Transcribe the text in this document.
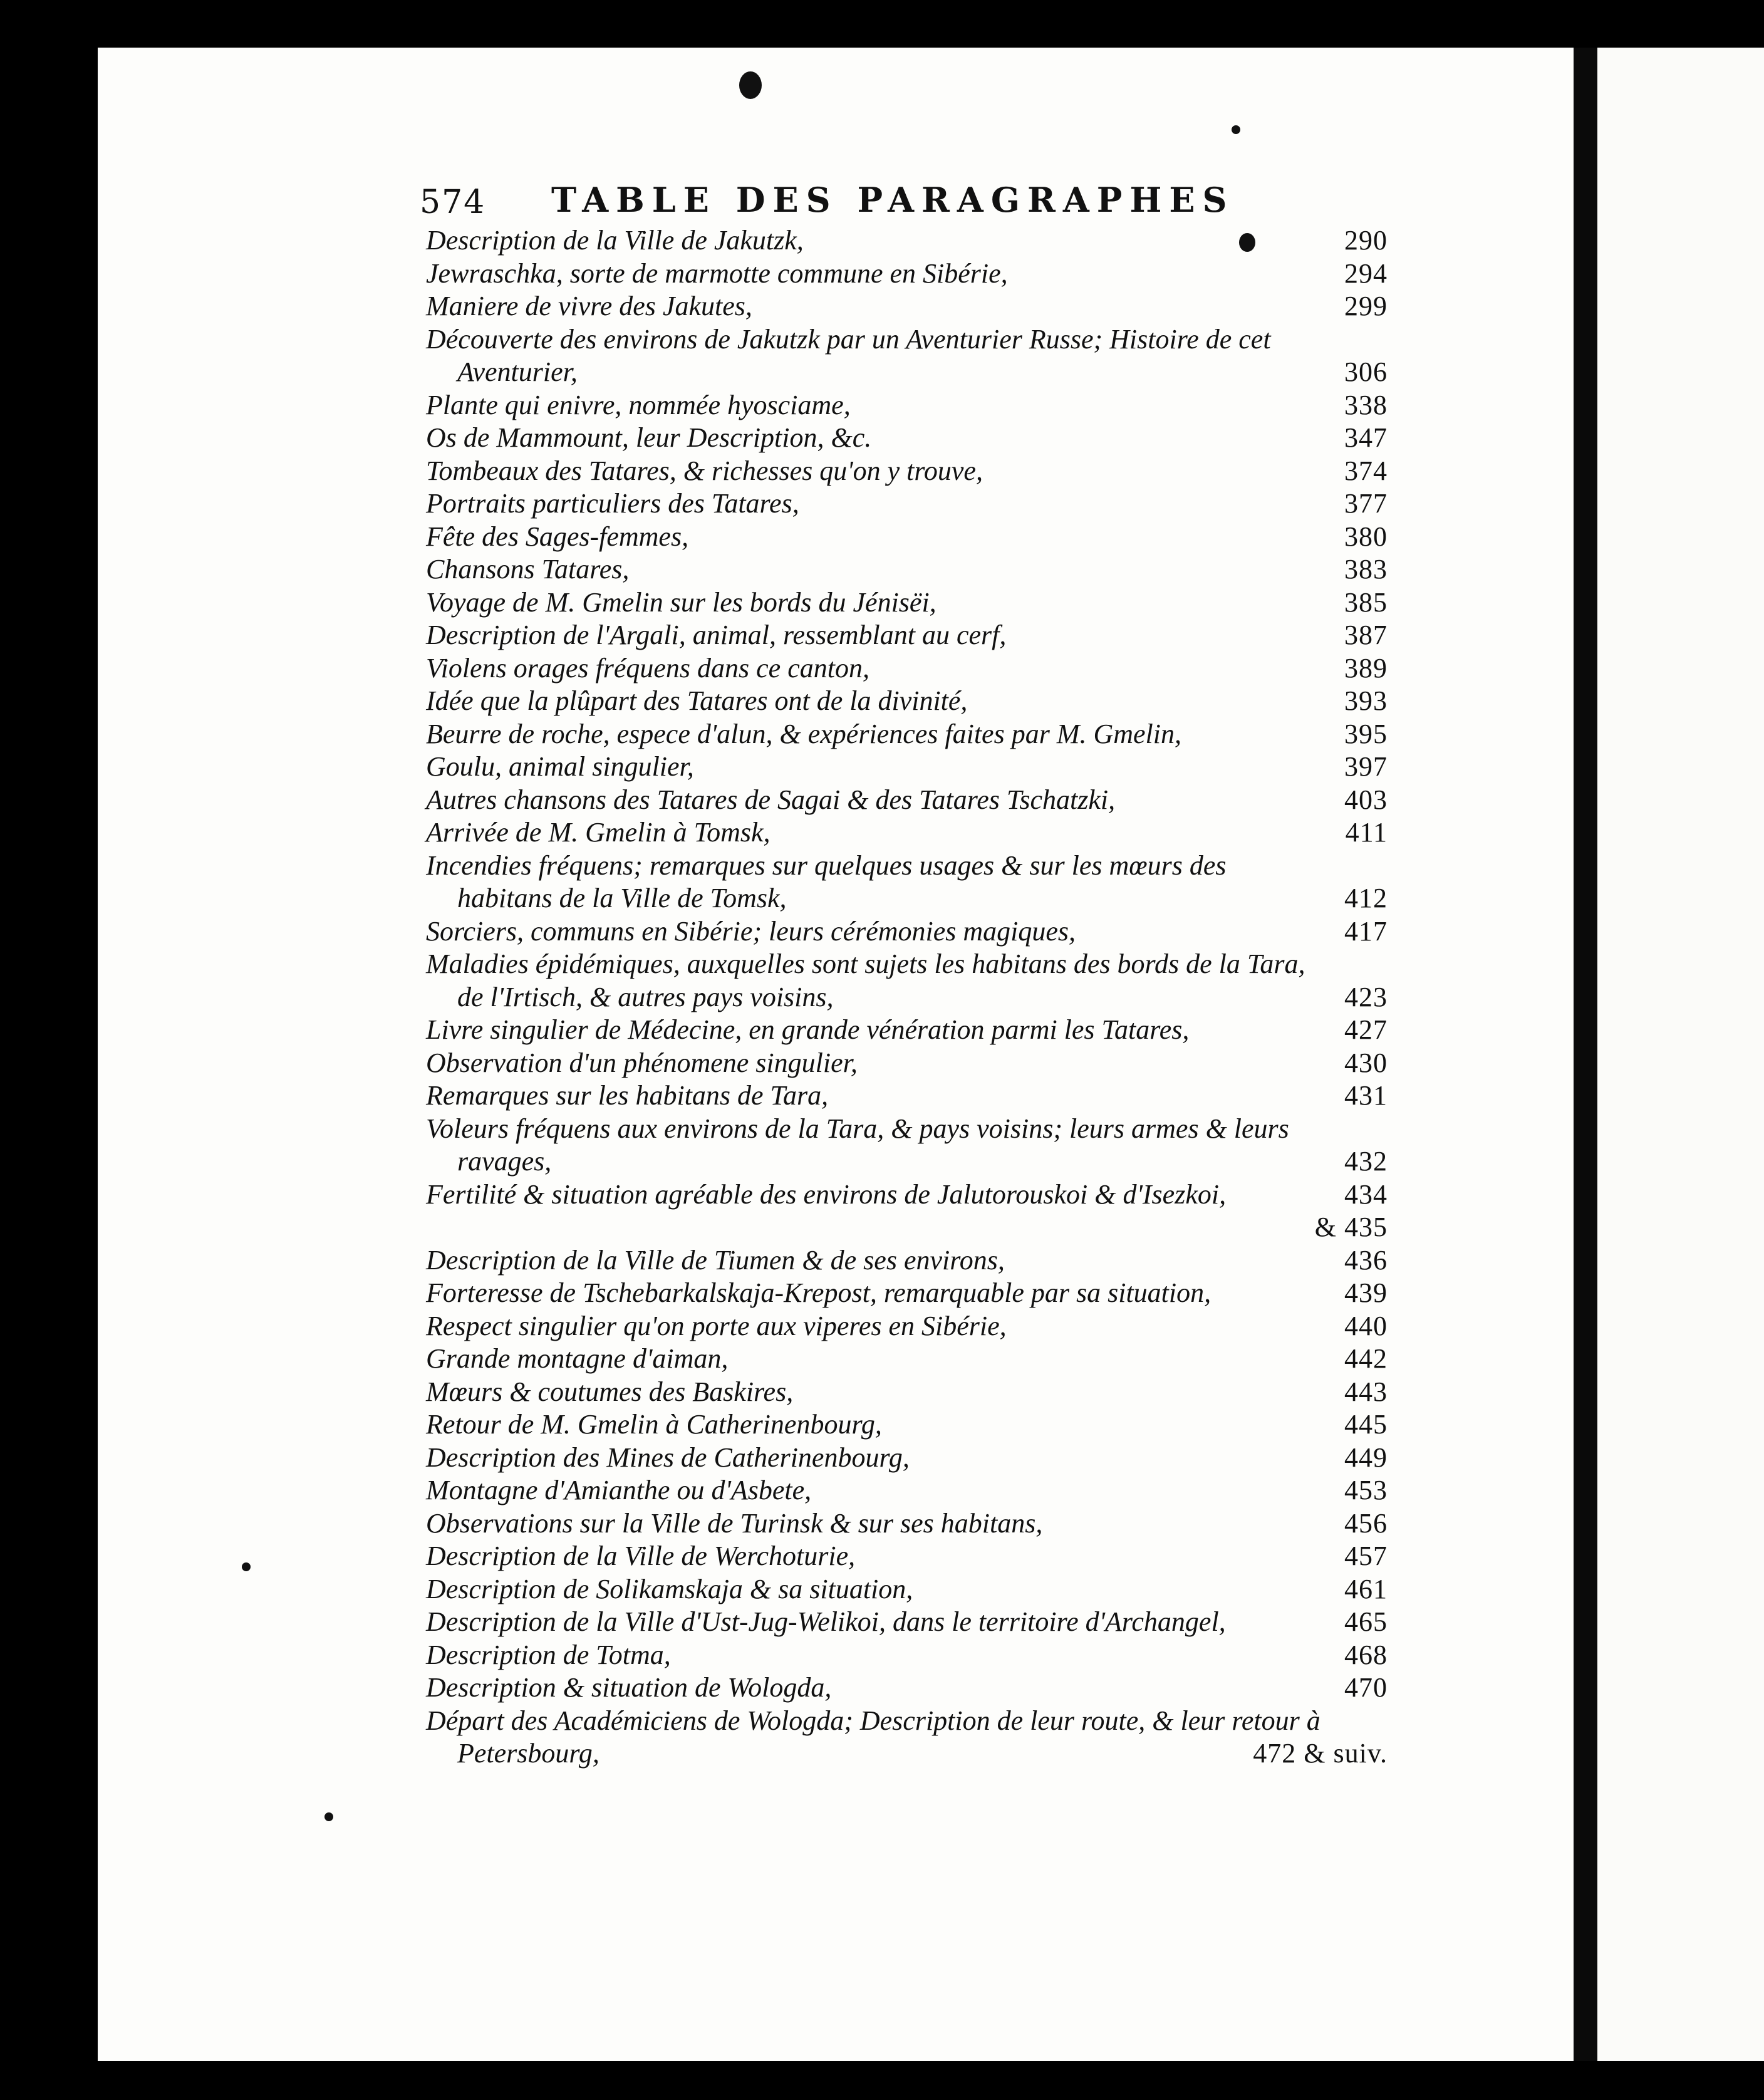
574 TABLE DES PARAGRAPHES
Description de la Ville de Jakutzk,	290
Jewraschka, sorte de marmotte commune en Sibérie,	294
Maniere de vivre des Jakutes,	299
Découverte des environs de Jakutzk par un Aventurier Russe; Histoire de cet Aventurier,	306
Plante qui enivre, nommée hyosciame,	338
Os de Mammount, leur Description, &c.	347
Tombeaux des Tatares, & richesses qu'on y trouve,	374
Portraits particuliers des Tatares,	377
Fête des Sages-femmes,	380
Chansons Tatares,	383
Voyage de M. Gmelin sur les bords du Jénisëi,	385
Description de l'Argali, animal, ressemblant au cerf,	387
Violens orages fréquens dans ce canton,	389
Idée que la plûpart des Tatares ont de la divinité,	393
Beurre de roche, espece d'alun, & expériences faites par M. Gmelin,	395
Goulu, animal singulier,	397
Autres chansons des Tatares de Sagai & des Tatares Tschatzki,	403
Arrivée de M. Gmelin à Tomsk,	411
Incendies fréquens; remarques sur quelques usages & sur les mœurs des habitans de la Ville de Tomsk,	412
Sorciers, communs en Sibérie; leurs cérémonies magiques,	417
Maladies épidémiques, auxquelles sont sujets les habitans des bords de la Tara, de l'Irtisch, & autres pays voisins,	423
Livre singulier de Médecine, en grande vénération parmi les Tatares,	427
Observation d'un phénomene singulier,	430
Remarques sur les habitans de Tara,	431
Voleurs fréquens aux environs de la Tara, & pays voisins; leurs armes & leurs ravages,	432
Fertilité & situation agréable des environs de Jalutorouskoi & d'Isezkoi,	434
& 435
Description de la Ville de Tiumen & de ses environs,	436
Forteresse de Tschebarkalskaja-Krepost, remarquable par sa situation,	439
Respect singulier qu'on porte aux viperes en Sibérie,	440
Grande montagne d'aiman,	442
Mœurs & coutumes des Baskires,	443
Retour de M. Gmelin à Catherinenbourg,	445
Description des Mines de Catherinenbourg,	449
Montagne d'Amianthe ou d'Asbete,	453
Observations sur la Ville de Turinsk & sur ses habitans,	456
Description de la Ville de Werchoturie,	457
Description de Solikamskaja & sa situation,	461
Description de la Ville d'Ust-Jug-Welikoi, dans le territoire d'Archangel,	465
Description de Totma,	468
Description & situation de Wologda,	470
Départ des Académiciens de Wologda; Description de leur route, & leur retour à Petersbourg,	472 & suiv.
